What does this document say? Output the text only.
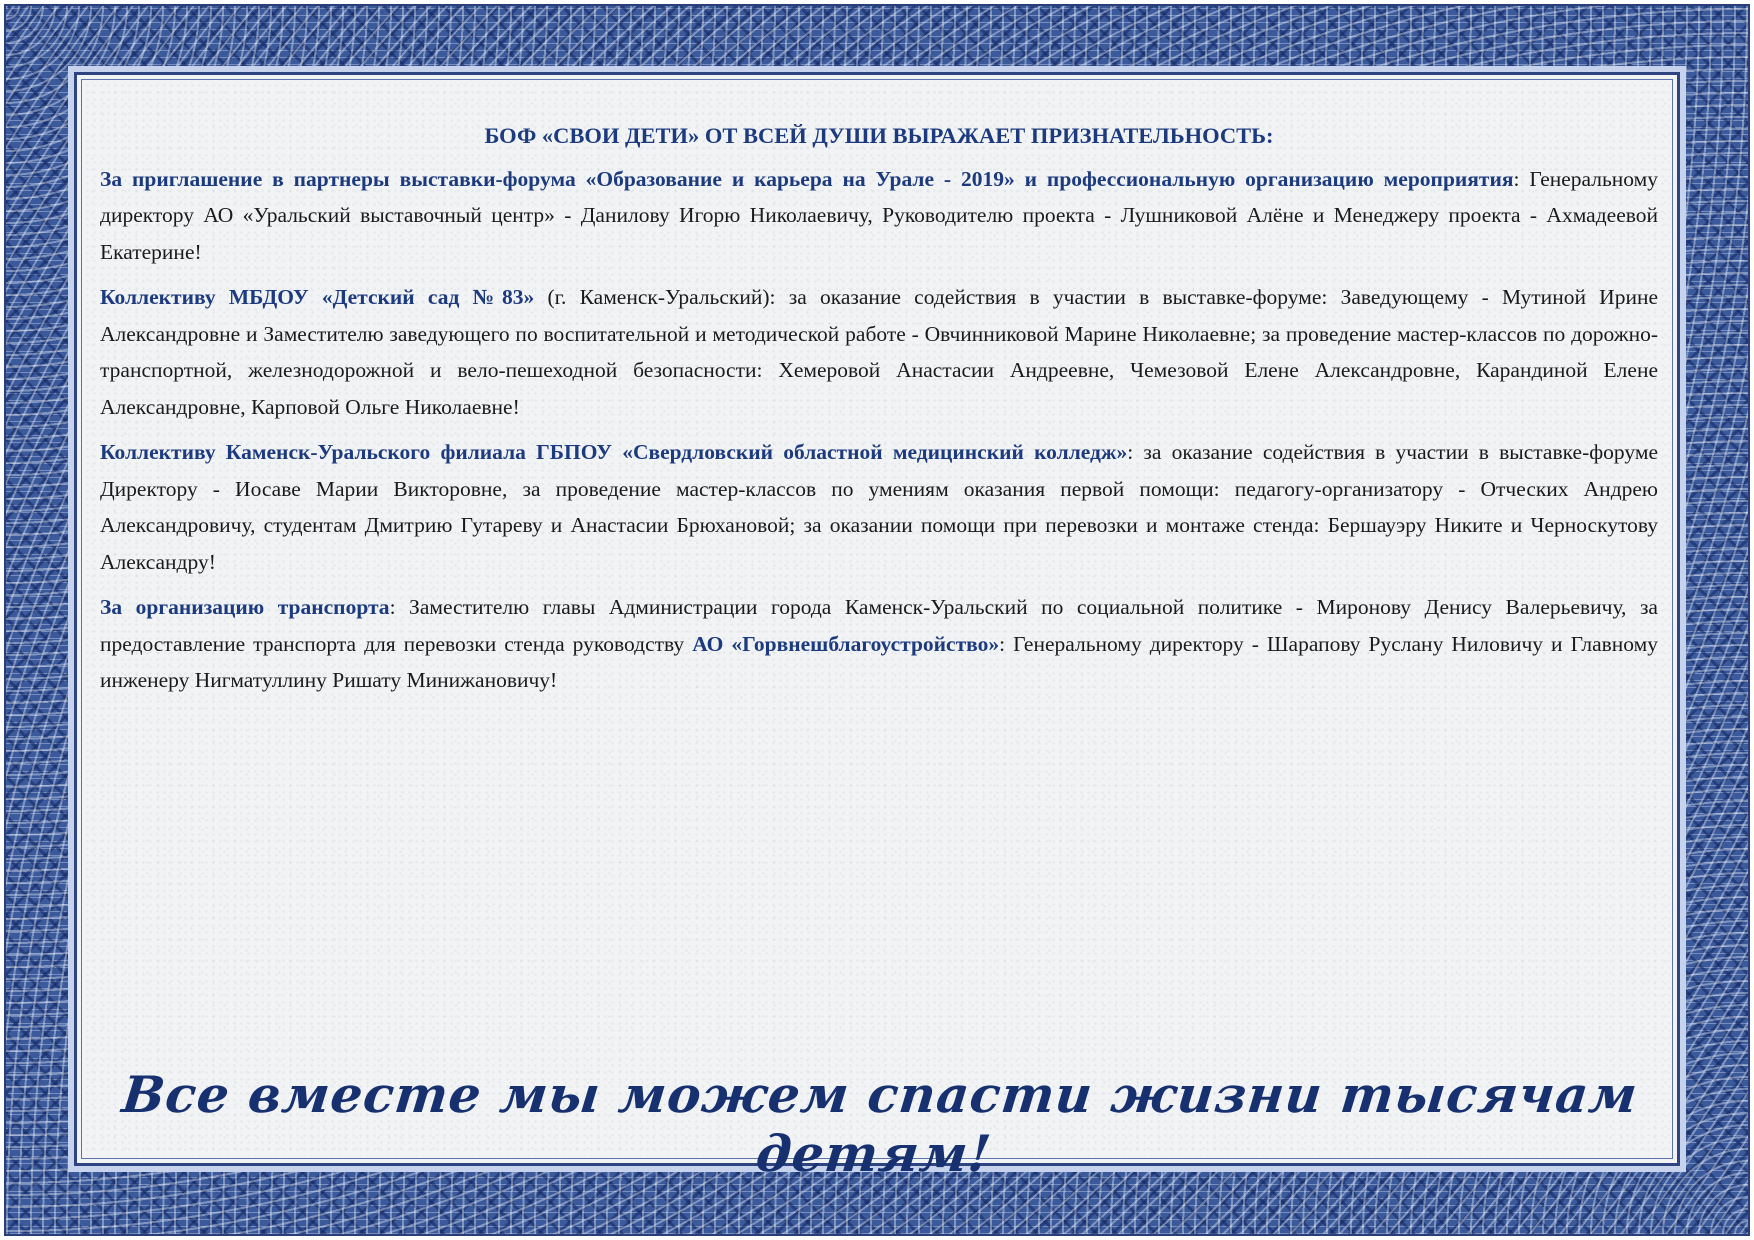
БОФ «СВОИ ДЕТИ» ОТ ВСЕЙ ДУШИ ВЫРАЖАЕТ ПРИЗНАТЕЛЬНОСТЬ:

За приглашение в партнеры выставки-форума «Образование и карьера на Урале - 2019» и профессиональную организацию мероприятия: Генеральному директору АО «Уральский выставочный центр» - Данилову Игорю Николаевичу, Руководителю проекта - Лушниковой Алёне и Менеджеру проекта - Ахмадеевой Екатерине!

Коллективу МБДОУ «Детский сад №83» (г. Каменск-Уральский): за оказание содействия в участии в выставке-форуме: Заведующему - Мутиной Ирине Александровне и Заместителю заведующего по воспитательной и методической работе - Овчинниковой Марине Николаевне; за проведение мастер-классов по дорожно-транспортной, железнодорожной и вело-пешеходной безопасности: Хемеровой Анастасии Андреевне, Чемезовой Елене Александровне, Карандиной Елене Александровне, Карповой Ольге Николаевне!

Коллективу Каменск-Уральского филиала ГБПОУ «Свердловский областной медицинский колледж»: за оказание содействия в участии в выставке-форуме Директору - Иосаве Марии Викторовне, за проведение мастер-классов по умениям оказания первой помощи: педагогу-организатору - Отческих Андрею Александровичу, студентам Дмитрию Гутареву и Анастасии Брюхановой; за оказании помощи при перевозки и монтаже стенда: Бершауэру Никите и Черноскутову Александру!

За организацию транспорта: Заместителю главы Администрации города Каменск-Уральский по социальной политике - Миронову Денису Валерьевичу, за предоставление транспорта для перевозки стенда руководству АО «Горвнешблагоустройство»: Генеральному директору - Шарапову Руслану Ниловичу и Главному инженеру Нигматуллину Ришату Минижановичу!

Все вместе мы можем спасти жизни тысячам детям!
